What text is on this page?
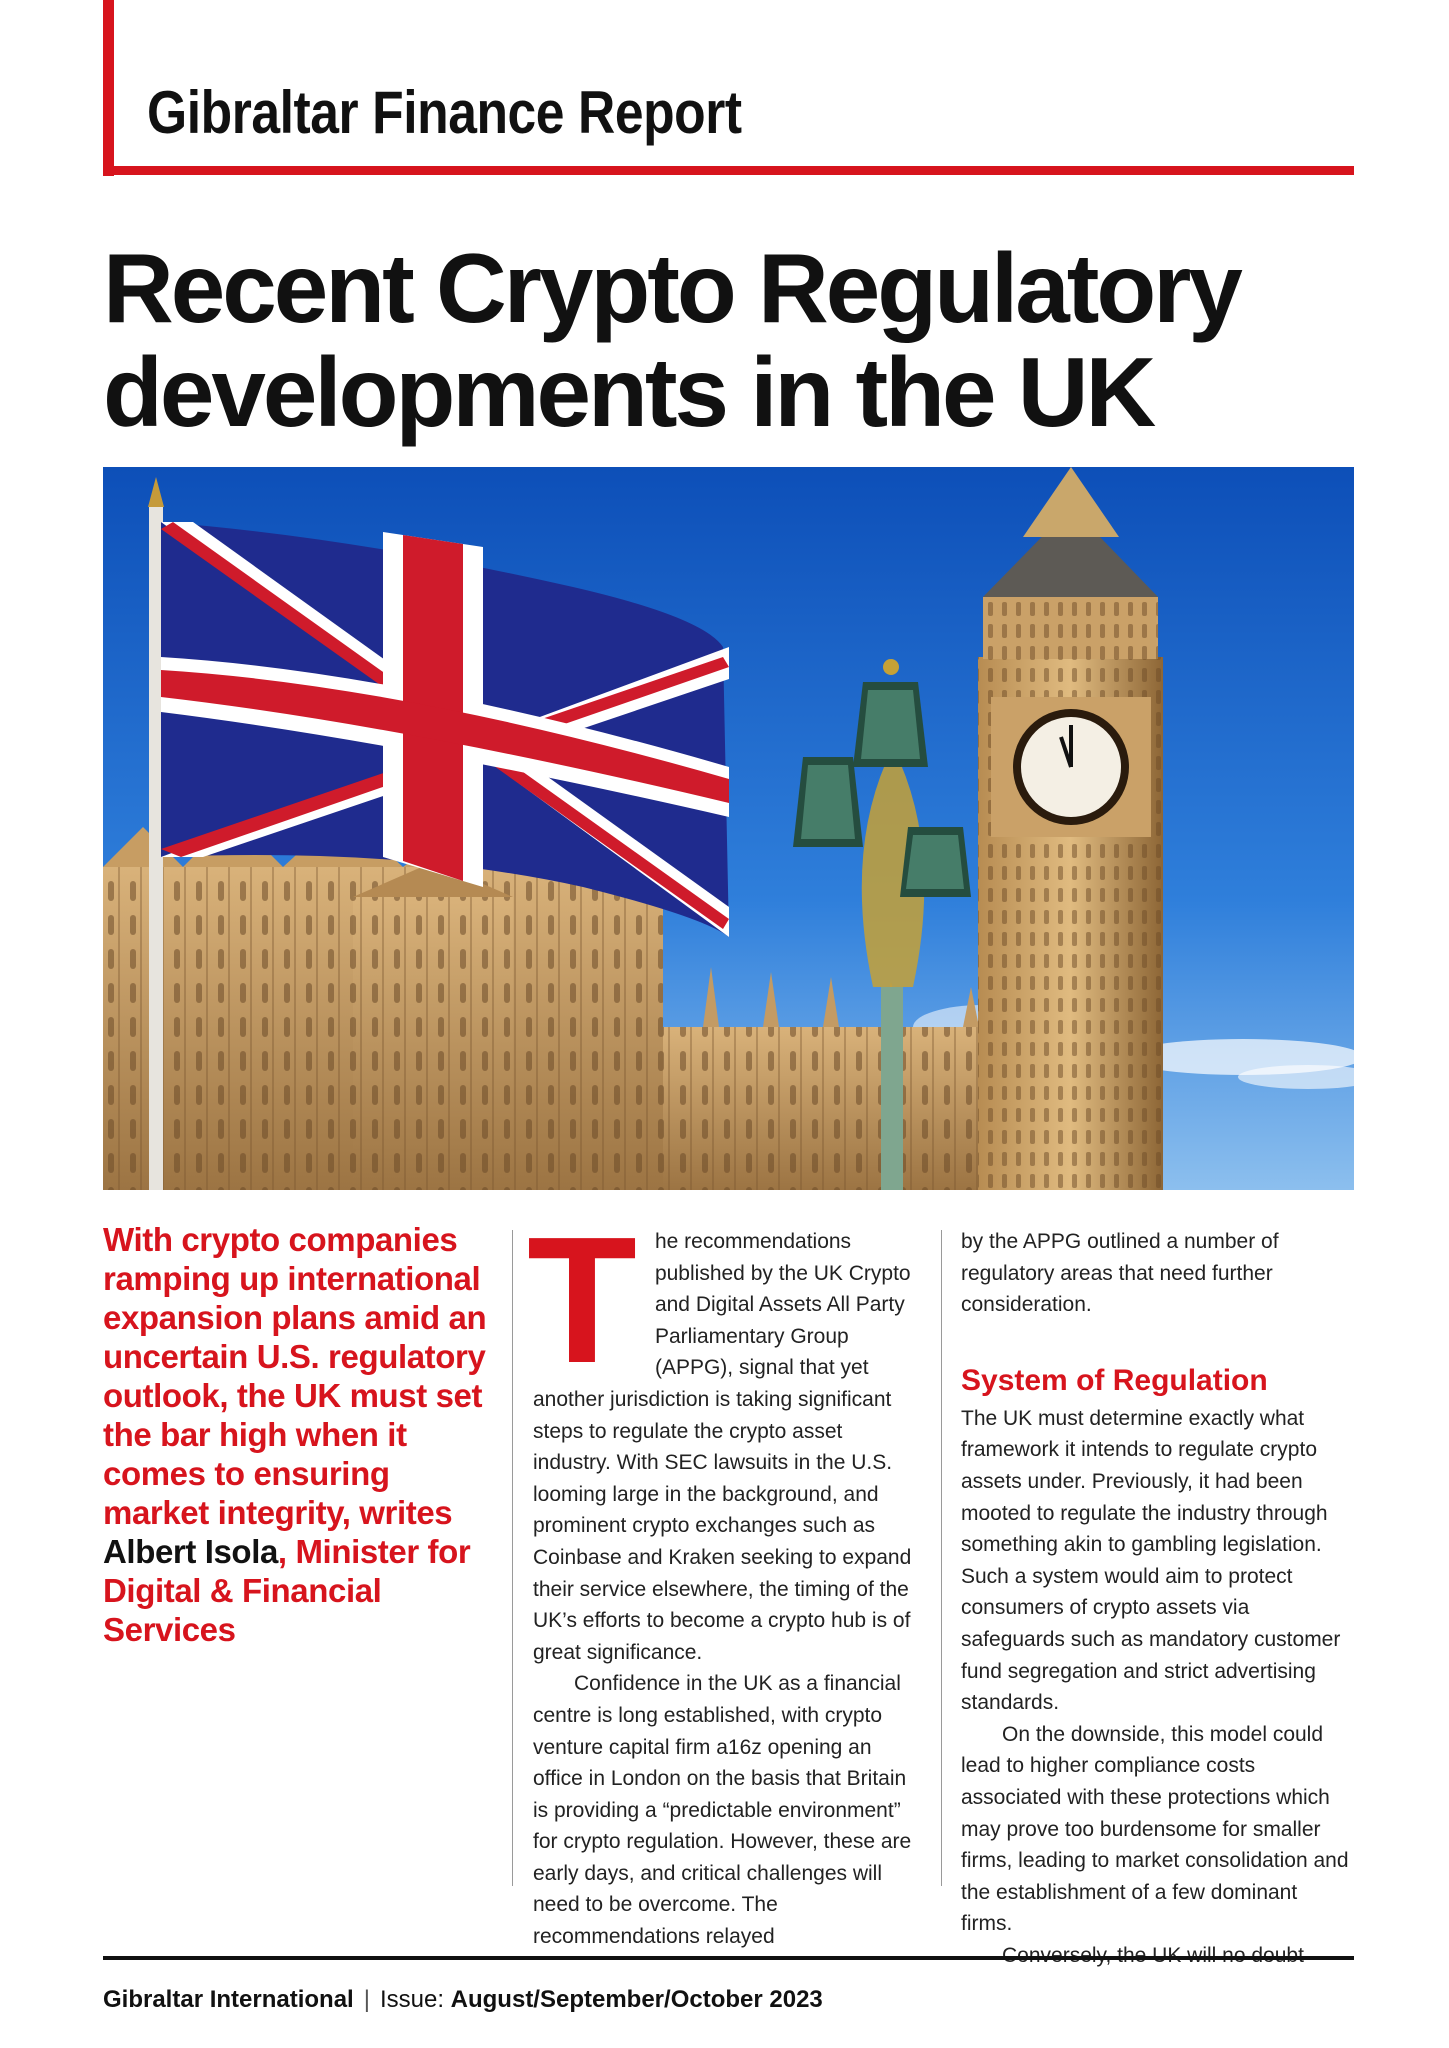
Gibraltar Finance Report
Recent Crypto Regulatory
developments in the UK

With crypto companies ramping up international expansion plans amid an uncertain U.S. regulatory outlook, the UK must set the bar high when it comes to ensuring market integrity, writes Albert Isola, Minister for Digital & Financial Services

T he recommendations published by the UK Crypto and Digital Assets All Party Parliamentary Group (APPG), signal that yet another jurisdiction is taking significant steps to regulate the crypto asset industry. With SEC lawsuits in the U.S. looming large in the background, and prominent crypto exchanges such as Coinbase and Kraken seeking to expand their service elsewhere, the timing of the UK’s efforts to become a crypto hub is of great significance.

Confidence in the UK as a financial centre is long established, with crypto venture capital firm a16z opening an office in London on the basis that Britain is providing a “predictable environment” for crypto regulation. However, these are early days, and critical challenges will need to be overcome. The recommendations relayed

by the APPG outlined a number of regulatory areas that need further consideration.

System of Regulation

The UK must determine exactly what framework it intends to regulate crypto assets under. Previously, it had been mooted to regulate the industry through something akin to gambling legislation. Such a system would aim to protect consumers of crypto assets via safeguards such as mandatory customer fund segregation and strict advertising standards.

On the downside, this model could lead to higher compliance costs associated with these protections which may prove too burdensome for smaller firms, leading to market consolidation and the establishment of a few dominant firms.

Gibraltar International | Issue: August/September/October 2023
